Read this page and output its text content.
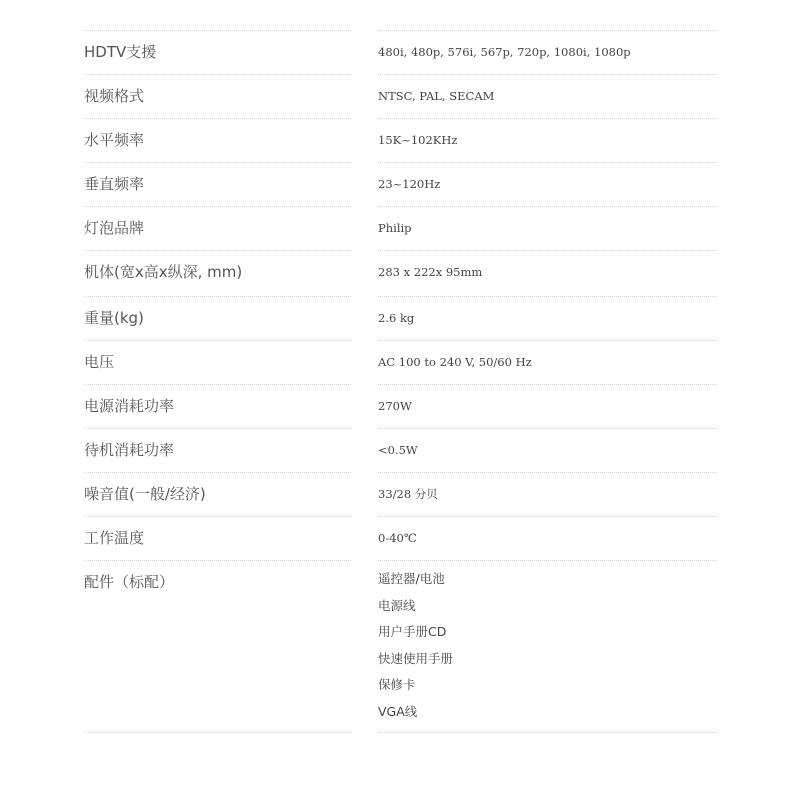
HDTV支援	480i, 480p, 576i, 567p, 720p, 1080i, 1080p
视频格式	NTSC, PAL, SECAM
水平频率	15K~102KHz
垂直频率	23~120Hz
灯泡品牌	Philip
机体(宽x高x纵深, mm)	283 x 222x 95mm
重量(kg)	2.6 kg
电压	AC 100 to 240 V, 50/60 Hz
电源消耗功率	270W
待机消耗功率	<0.5W
噪音值(一般/经济)	33/28 分贝
工作温度	0-40℃
配件（标配）	遥控器/电池
电源线
用户手册CD
快速使用手册
保修卡
VGA线
